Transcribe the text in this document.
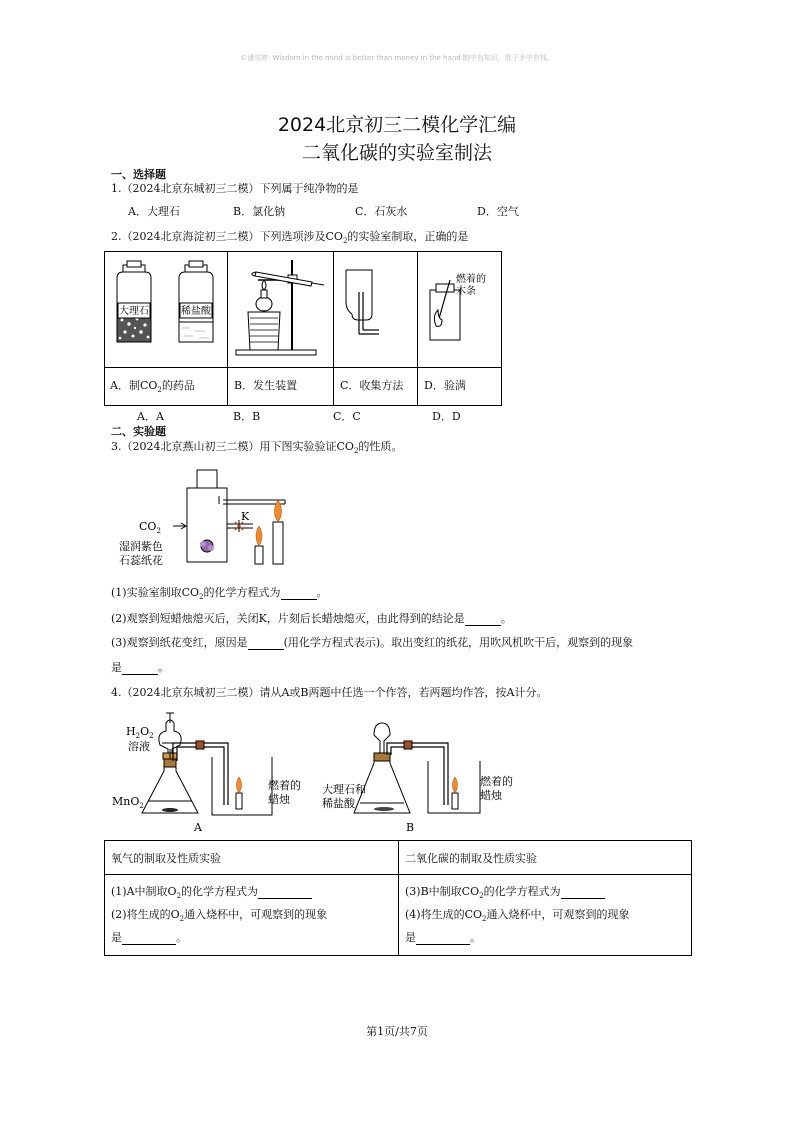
©潘雪婷: Wisdom in the mind is better than money in the hand.胸中有知识，胜于手中有钱。
2024北京初三二模化学汇编
二氧化碳的实验室制法
一、选择题
1.（2024北京东城初三二模）下列属于纯净物的是
A．大理石	B．氯化钠	C．石灰水	D．空气
2.（2024北京海淀初三二模）下列选项涉及$CO_2$的实验室制取，正确的是
A．制$CO_2$的药品	B．发生装置	C．收集方法 D．验满
大理石	稀盐酸
燃着的
木条
A．A	B．B	C．C	D．D
二、实验题
3.（2024北京燕山初三二模）用下图实验验证$CO_2$的性质。
K
$CO_2$
湿润紫色
石蕊纸花
(1)实验室制取$CO_2$的化学方程式为	。
(2)观察到短蜡烛熄灭后，关闭K，片刻后长蜡烛熄灭，由此得到的结论是	。
(3)观察到纸花变红，原因是	(用化学方程式表示)。取出变红的纸花，用吹风机吹干后，观察到的现象
是	。
4.（2024北京东城初三二模）请从A或B两题中任选一个作答，若两题均作答，按A计分。
$H_2O_2$
溶液
MnO$_2$
燃着的
蜡烛
A
大理石和
稀盐酸
燃着的
蜡烛
B
氧气的制取及性质实验	二氧化碳的制取及性质实验
(1)A中制取$O_2$的化学方程式为
(2)将生成的$O_2$通入烧杯中，可观察到的现象
是	。
(3)B中制取$CO_2$的化学方程式为
(4)将生成的$CO_2$通入烧杯中，可观察到的现象
是	。
第1页/共7页
